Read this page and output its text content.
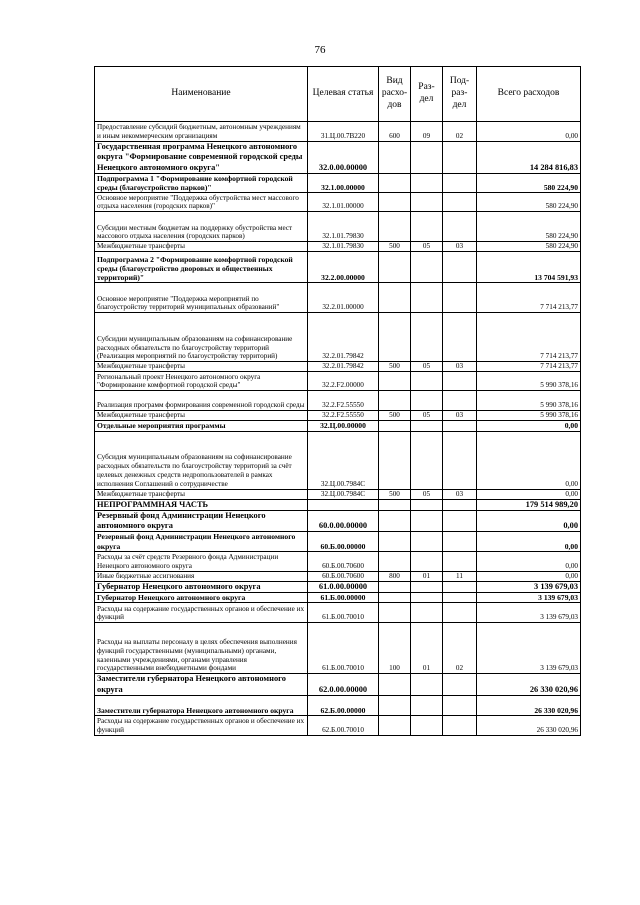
76
Наименование	Целевая статья	Вид расхо-дов	Раз-дел	Под-раз-дел	Всего расходов
Предоставление субсидий бюджетным, автономным учреждениям и иным некоммерческим организациям	31.Ц.00.7В220	600	09	02	0,00
Государственная программа Ненецкого автономного округа "Формирование современной городской среды Ненецкого автономного округа"	32.0.00.00000				14 284 816,83
Подпрограмма 1 "Формирование комфортной городской среды (благоустройство парков)"	32.1.00.00000				580 224,90
Основное мероприятие "Поддержка обустройства мест массового отдыха населения (городских парков)"	32.1.01.00000				580 224,90
Субсидии местным бюджетам на поддержку обустройства мест массового отдыха населения (городских парков)	32.1.01.79830				580 224,90
Межбюджетные трансферты	32.1.01.79830	500	05	03	580 224,90
Подпрограмма 2 "Формирование комфортной городской среды (благоустройство дворовых и общественных территорий)"	32.2.00.00000				13 704 591,93
Основное мероприятие "Поддержка мероприятий по благоустройству территорий муниципальных образований"	32.2.01.00000				7 714 213,77
Субсидии муниципальным образованиям на софинансирование расходных обязательств по благоустройству территорий (Реализация мероприятий по благоустройству территорий)	32.2.01.79842				7 714 213,77
Межбюджетные трансферты	32.2.01.79842	500	05	03	7 714 213,77
Региональный проект Ненецкого автономного округа "Формирование комфортной городской среды"	32.2.F2.00000				5 990 378,16
Реализация программ формирования современной городской среды	32.2.F2.55550				5 990 378,16
Межбюджетные трансферты	32.2.F2.55550	500	05	03	5 990 378,16
Отдельные мероприятия программы	32.Ц.00.00000				0,00
Субсидия муниципальным образованиям на софинансирование расходных обязательств по благоустройству территорий за счёт целевых денежных средств недропользователей в рамках исполнения Соглашений о сотрудничестве	32.Ц.00.7984С				0,00
Межбюджетные трансферты	32.Ц.00.7984С	500	05	03	0,00
НЕПРОГРАММНАЯ ЧАСТЬ					179 514 989,20
Резервный фонд Администрации Ненецкого автономного округа	60.0.00.00000				0,00
Резервный фонд Администрации Ненецкого автономного округа	60.Б.00.00000				0,00
Расходы за счёт средств Резервного фонда Администрации Ненецкого автономного округа	60.Б.00.70600				0,00
Иные бюджетные ассигнования	60.Б.00.70600	800	01	11	0,00
Губернатор Ненецкого автономного округа	61.0.00.00000				3 139 679,03
Губернатор Ненецкого автономного округа	61.Б.00.00000				3 139 679,03
Расходы на содержание государственных органов и обеспечение их функций	61.Б.00.70010				3 139 679,03
Расходы на выплаты персоналу в целях обеспечения выполнения функций государственными (муниципальными) органами, казенными учреждениями, органами управления государственными внебюджетными фондами	61.Б.00.70010	100	01	02	3 139 679,03
Заместители губернатора Ненецкого автономного округа	62.0.00.00000				26 330 020,96
Заместители губернатора Ненецкого автономного округа	62.Б.00.00000				26 330 020,96
Расходы на содержание государственных органов и обеспечение их функций	62.Б.00.70010				26 330 020,96
